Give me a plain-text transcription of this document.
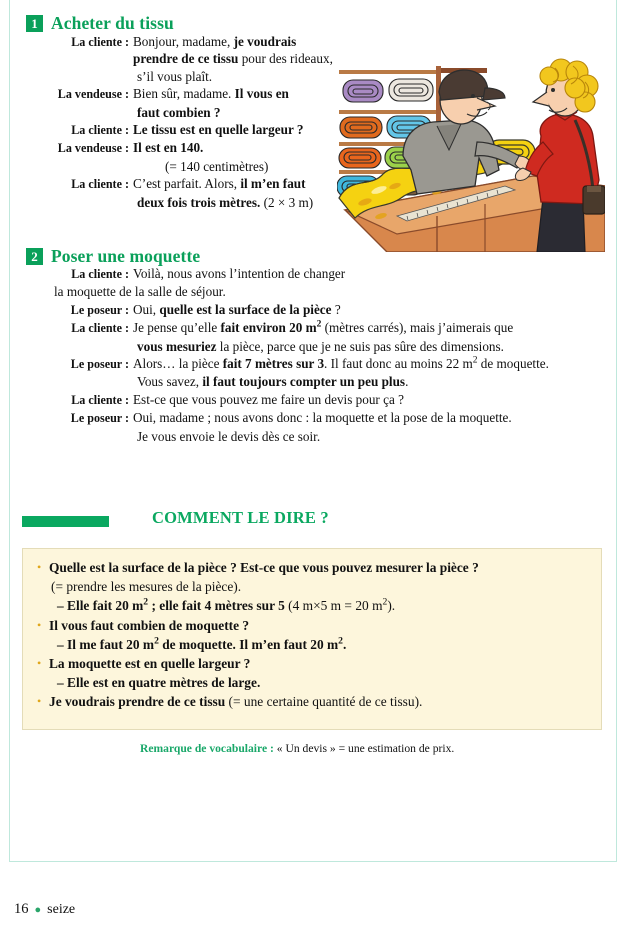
1 Acheter du tissu
La cliente : Bonjour, madame, je voudrais prendre de ce tissu pour des rideaux,
s’il vous plaît.
La vendeuse : Bien sûr, madame. Il vous en
faut combien ?
La cliente : Le tissu est en quelle largeur ?
La vendeuse : Il est en 140.
(= 140 centimètres)
La cliente : C’est parfait. Alors, il m’en faut
deux fois trois mètres. (2 × 3 m)
2 Poser une moquette
La cliente : Voilà, nous avons l’intention de changer
la moquette de la salle de séjour.
Le poseur : Oui, quelle est la surface de la pièce ?
La cliente : Je pense qu’elle fait environ 20 $m^2$ (mètres carrés), mais j’aimerais que
vous mesuriez la pièce, parce que je ne suis pas sûre des dimensions.
Le poseur : Alors… la pièce fait 7 mètres sur 3. Il faut donc au moins 22 $m^2$ de moquette.
Vous savez, il faut toujours compter un peu plus.
La cliente : Est-ce que vous pouvez me faire un devis pour ça ?
Le poseur : Oui, madame ; nous avons donc : la moquette et la pose de la moquette.
Je vous envoie le devis dès ce soir.
COMMENT LE DIRE ?
• Quelle est la surface de la pièce ? Est-ce que vous pouvez mesurer la pièce ?
(= prendre les mesures de la pièce).
– Elle fait 20 $m^2$ ; elle fait 4 mètres sur 5 (4 m×5 m = 20 $m^2$).
• Il vous faut combien de moquette ?
– Il me faut 20 $m^2$ de moquette. Il m’en faut 20 $m^2$.
• La moquette est en quelle largeur ?
– Elle est en quatre mètres de large.
• Je voudrais prendre de ce tissu (= une certaine quantité de ce tissu).
Remarque de vocabulaire : « Un devis » = une estimation de prix.
16 ● seize
